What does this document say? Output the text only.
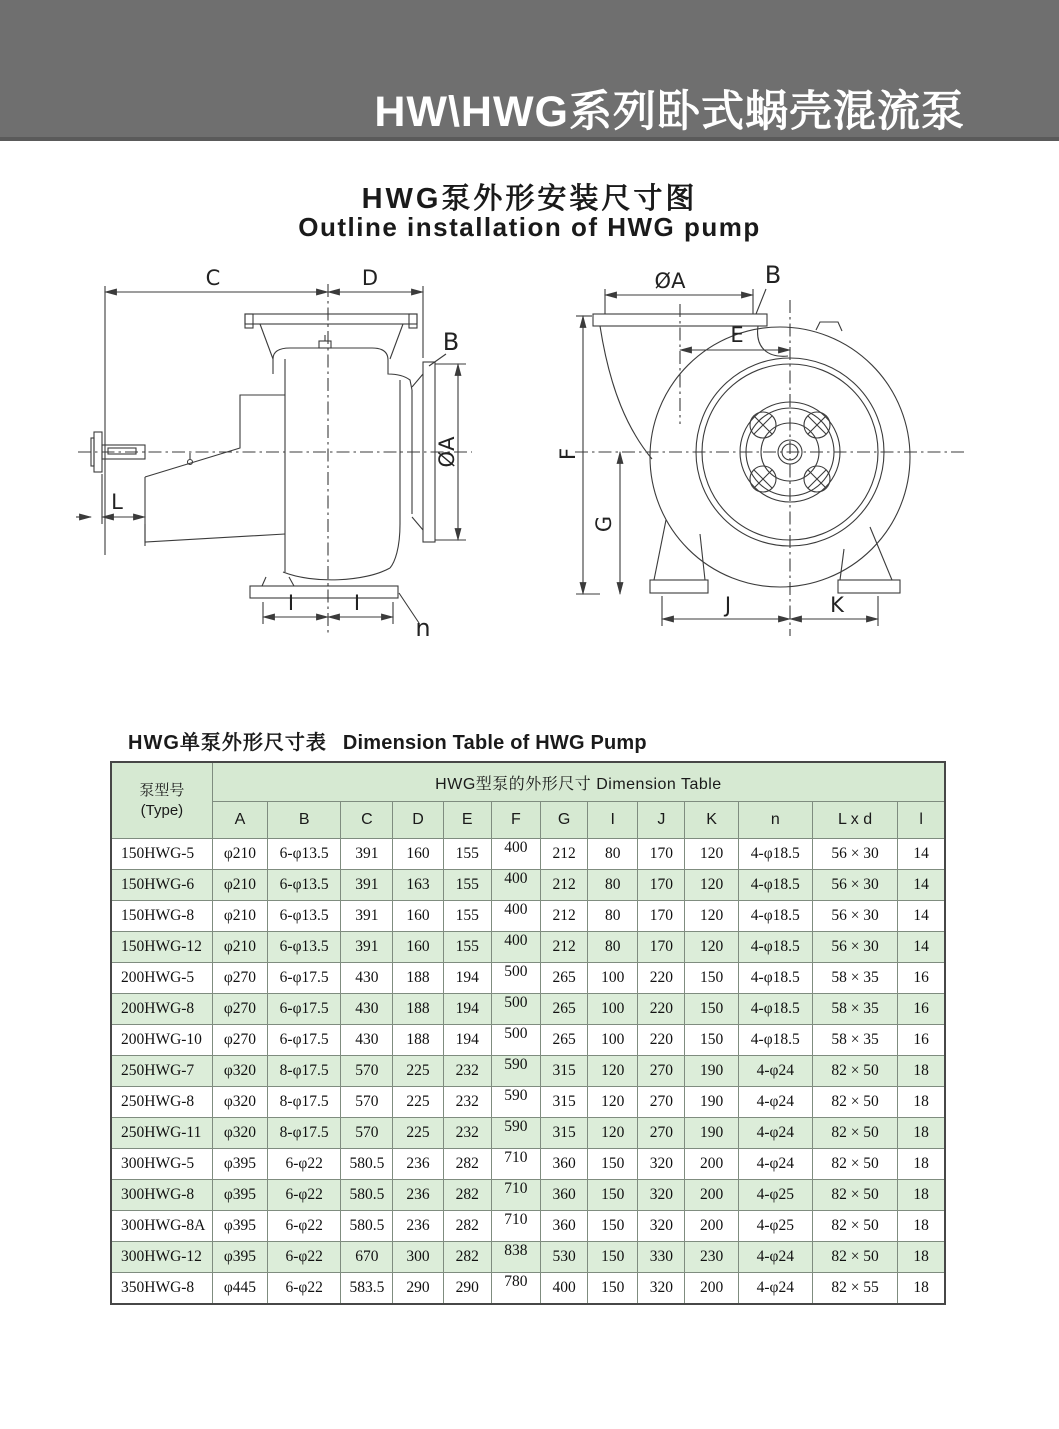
HW\HWG系列卧式蜗壳混流泵
HWG泵外形安装尺寸图
Outline installation of HWG pump
C	D
B
ØA
L
I	I
n
ØA	B
E
F
G
J	K
HWG单泵外形尺寸表 Dimension Table of HWG Pump
泵型号
(Type)	HWG型泵的外形尺寸 Dimension Table												
	A	B	C	D	E	F	G	I	J	K	n	L x d	l
150HWG-5	φ210	6-φ13.5	391	160	155	400	212	80	170	120	4-φ18.5	56 × 30	14
150HWG-6	φ210	6-φ13.5	391	163	155	400	212	80	170	120	4-φ18.5	56 × 30	14
150HWG-8	φ210	6-φ13.5	391	160	155	400	212	80	170	120	4-φ18.5	56 × 30	14
150HWG-12	φ210	6-φ13.5	391	160	155	400	212	80	170	120	4-φ18.5	56 × 30	14
200HWG-5	φ270	6-φ17.5	430	188	194	500	265	100	220	150	4-φ18.5	58 × 35	16
200HWG-8	φ270	6-φ17.5	430	188	194	500	265	100	220	150	4-φ18.5	58 × 35	16
200HWG-10	φ270	6-φ17.5	430	188	194	500	265	100	220	150	4-φ18.5	58 × 35	16
250HWG-7	φ320	8-φ17.5	570	225	232	590	315	120	270	190	4-φ24	82 × 50	18
250HWG-8	φ320	8-φ17.5	570	225	232	590	315	120	270	190	4-φ24	82 × 50	18
250HWG-11	φ320	8-φ17.5	570	225	232	590	315	120	270	190	4-φ24	82 × 50	18
300HWG-5	φ395	6-φ22	580.5	236	282	710	360	150	320	200	4-φ24	82 × 50	18
300HWG-8	φ395	6-φ22	580.5	236	282	710	360	150	320	200	4-φ25	82 × 50	18
300HWG-8A	φ395	6-φ22	580.5	236	282	710	360	150	320	200	4-φ25	82 × 50	18
300HWG-12	φ395	6-φ22	670	300	282	838	530	150	330	230	4-φ24	82 × 50	18
350HWG-8	φ445	6-φ22	583.5	290	290	780	400	150	320	200	4-φ24	82 × 55	18
